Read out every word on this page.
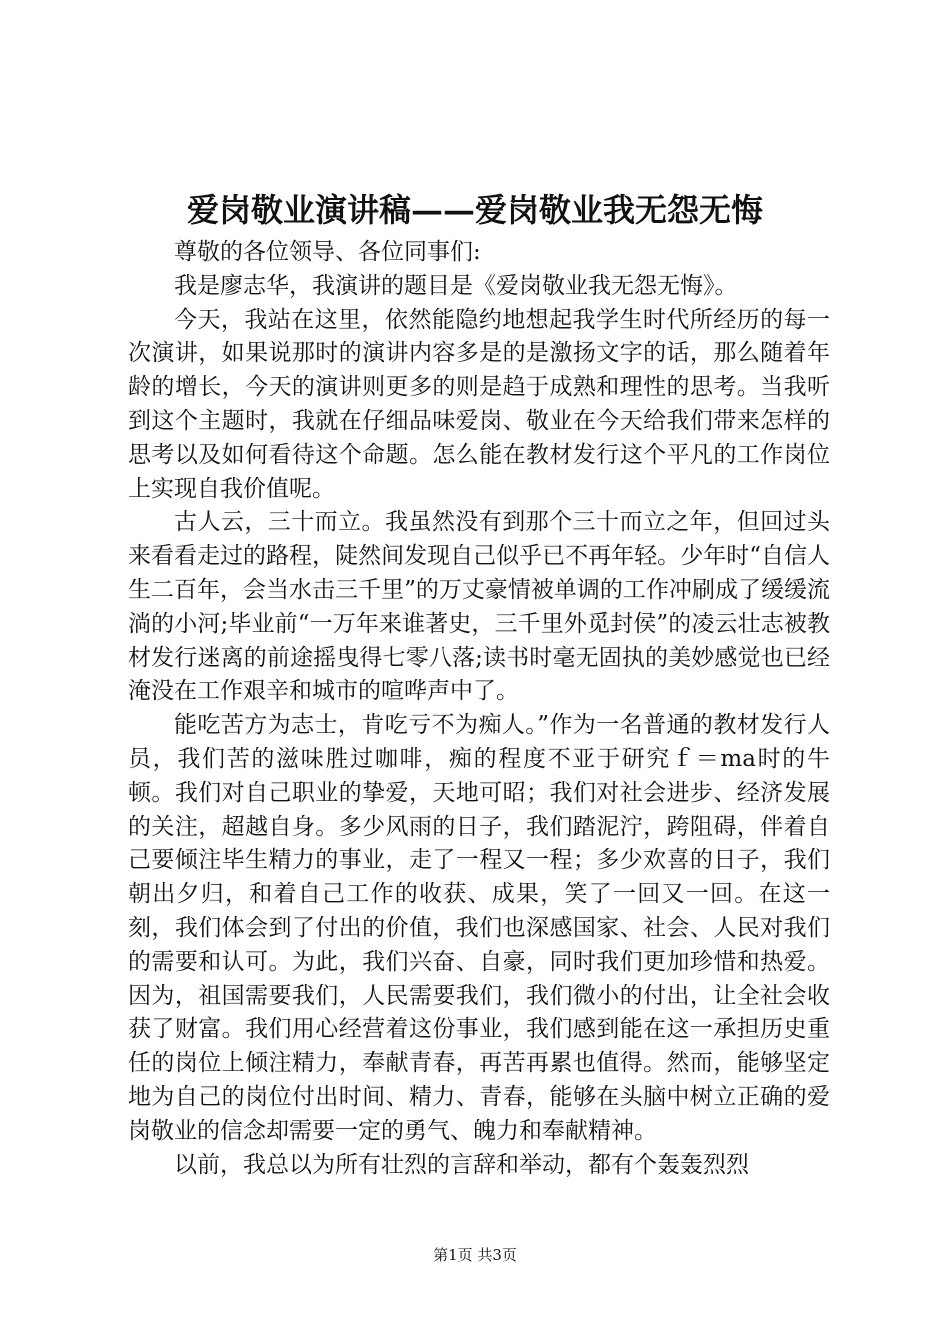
爱岗敬业演讲稿——爱岗敬业我无怨无悔

尊敬的各位领导、各位同事们:

我是廖志华，我演讲的题目是《爱岗敬业我无怨无悔》。

今天，我站在这里，依然能隐约地想起我学生时代所经历的每一次演讲，如果说那时的演讲内容多是的是激扬文字的话，那么随着年龄的增长，今天的演讲则更多的则是趋于成熟和理性的思考。当我听到这个主题时，我就在仔细品味爱岗、敬业在今天给我们带来怎样的思考以及如何看待这个命题。怎么能在教材发行这个平凡的工作岗位上实现自我价值呢。

古人云，三十而立。我虽然没有到那个三十而立之年，但回过头来看看走过的路程，陡然间发现自己似乎已不再年轻。少年时“自信人生二百年，会当水击三千里”的万丈豪情被单调的工作冲刷成了缓缓流淌的小河;毕业前“一万年来谁著史，三千里外觅封侯”的凌云壮志被教材发行迷离的前途摇曳得七零八落;读书时毫无固执的美妙感觉也已经淹没在工作艰辛和城市的喧哗声中了。

能吃苦方为志士，肯吃亏不为痴人。”作为一名普通的教材发行人员，我们苦的滋味胜过咖啡，痴的程度不亚于研究ｆ＝ma时的牛顿。我们对自己职业的挚爱，天地可昭；我们对社会进步、经济发展的关注，超越自身。多少风雨的日子，我们踏泥泞，跨阻碍，伴着自己要倾注毕生精力的事业，走了一程又一程；多少欢喜的日子，我们朝出夕归，和着自己工作的收获、成果，笑了一回又一回。在这一刻，我们体会到了付出的价值，我们也深感国家、社会、人民对我们的需要和认可。为此，我们兴奋、自豪，同时我们更加珍惜和热爱。因为，祖国需要我们，人民需要我们，我们微小的付出，让全社会收获了财富。我们用心经营着这份事业，我们感到能在这一承担历史重任的岗位上倾注精力，奉献青春，再苦再累也值得。然而，能够坚定地为自己的岗位付出时间、精力、青春，能够在头脑中树立正确的爱岗敬业的信念却需要一定的勇气、魄力和奉献精神。

以前，我总以为所有壮烈的言辞和举动，都有个轰轰烈烈

第1页 共3页
